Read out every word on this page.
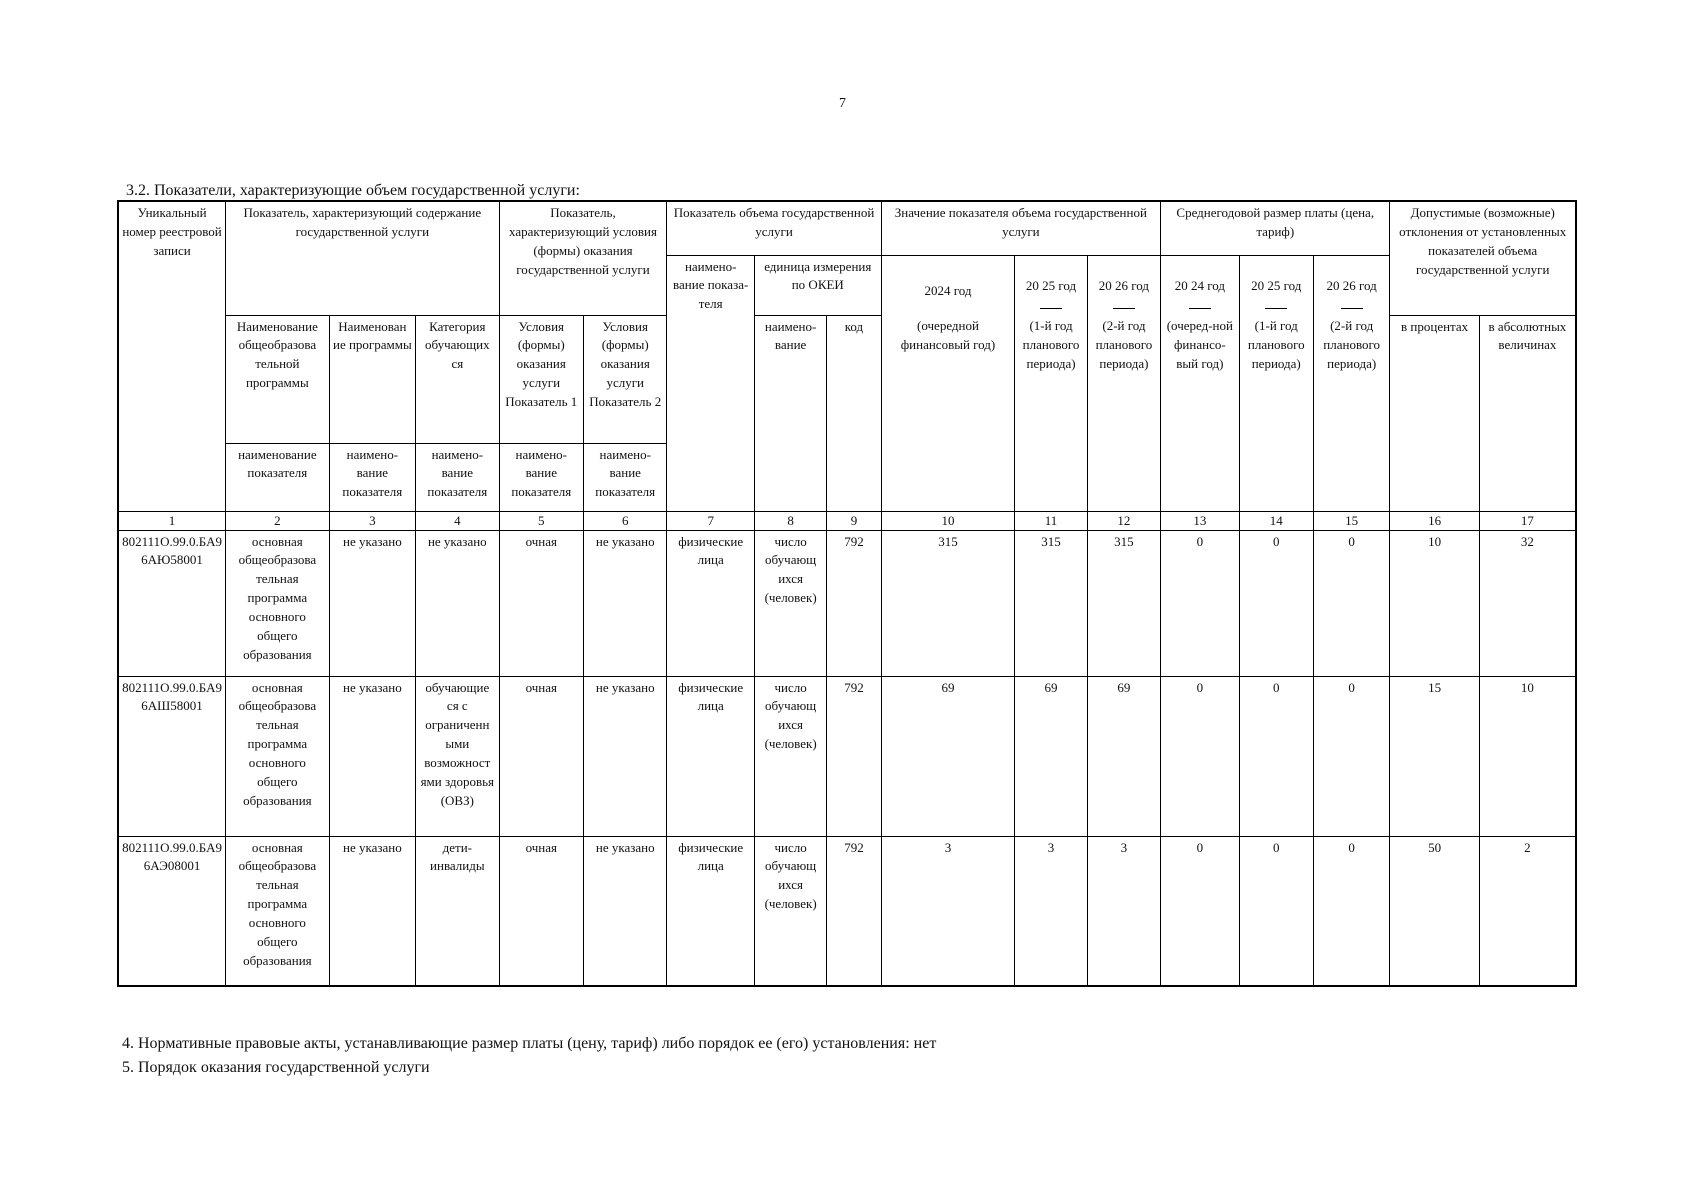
7
3.2. Показатели, характеризующие объем государственной услуги:
Уникальный номер реестровой записи	Показатель, характеризующий содержание государственной услуги			Показатель, характеризующий условия (формы) оказания государственной услуги		Показатель объема государственной услуги			Значение показателя объема государственной услуги			Среднегодовой размер платы (цена, тариф)			Допустимые (возможные) отклонения от установленных показателей объема государственной услуги	
						наимено-вание показа-теля	единица измерения по ОКЕИ		2024 год	20 25 год	20 26 год	20 24 год	20 25 год	20 26 год		

	Наименование общеобразова тельной программы	Наименован ие программы	Категория обучающих ся	Условия (формы) оказания услуги Показатель 1	Условия (формы) оказания услуги Показатель 2		наимено-вание	код	(очередной финансовый год)	(1-й год планового периода)	(2-й год планового периода)	(очеред-ной финансо-вый год)	(1-й год планового периода)	(2-й год планового периода)	в процентах	в абсолютных величинах
	наименование показателя	наимено-вание показателя	наимено-вание показателя	наимено-вание показателя	наимено-вание показателя											
1	2	3	4	5	6	7	8	9	10	11	12	13	14	15	16	17
802111О.99.0.БА96АЮ58001	основная общеобразова тельная программа основного общего образования	не указано	не указано	очная	не указано	физические лица	число обучающ ихся (человек)	792	315	315	315	0	0	0	10	32
802111О.99.0.БА96АШ58001	основная общеобразова тельная программа основного общего образования	не указано	обучающие ся с ограниченн ыми возможност ями здоровья (ОВЗ)	очная	не указано	физические лица	число обучающ ихся (человек)	792	69	69	69	0	0	0	15	10
802111О.99.0.БА96АЭ08001	основная общеобразова тельная программа основного общего образования	не указано	дети-инвалиды	очная	не указано	физические лица	число обучающ ихся (человек)	792	3	3	3	0	0	0	50	2
4. Нормативные правовые акты, устанавливающие размер платы (цену, тариф) либо порядок ее (его) установления: нет
5. Порядок оказания государственной услуги
